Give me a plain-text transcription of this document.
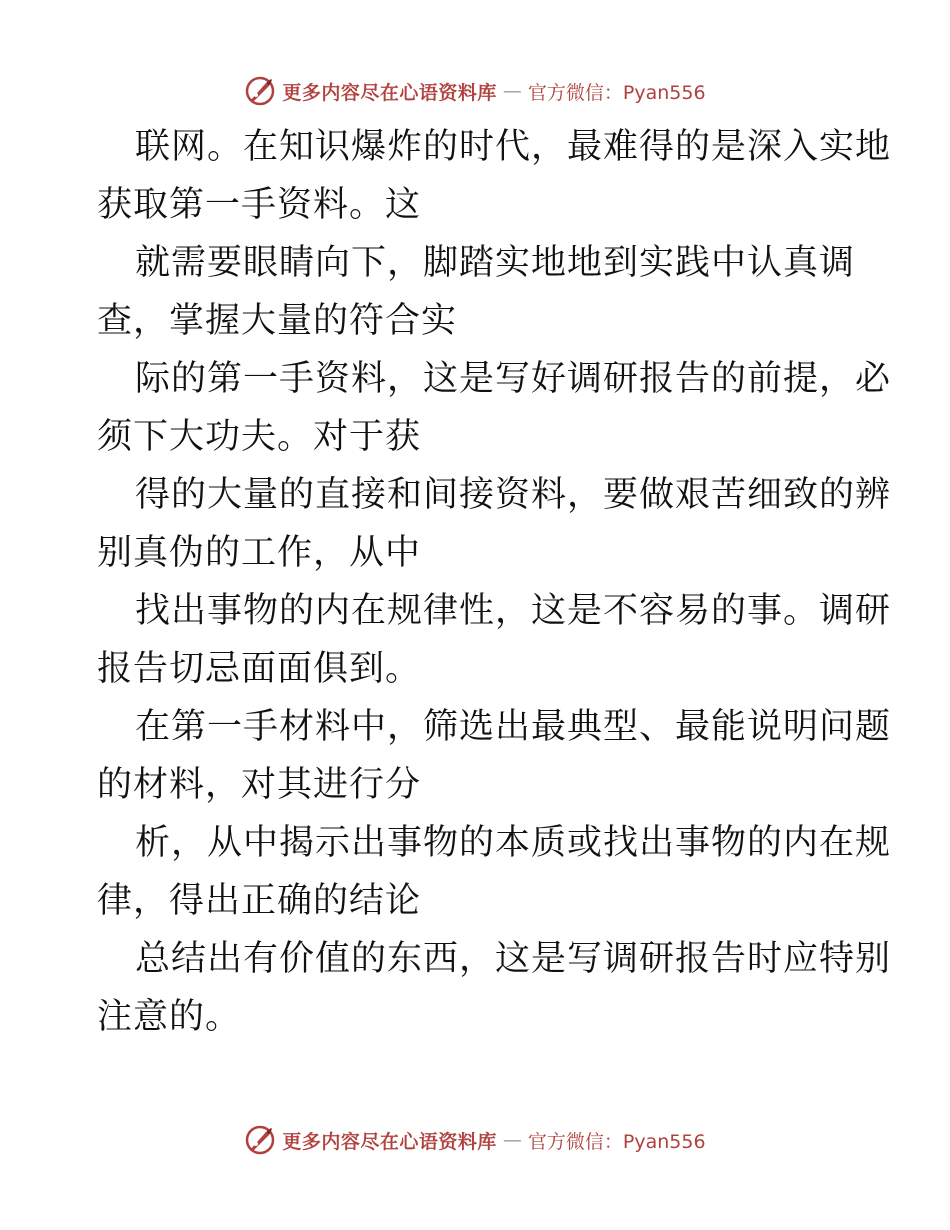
更多内容尽在心语资料库 — 官方微信：Pyan556
联网。在知识爆炸的时代，最难得的是深入实地
获取第一手资料。这
就需要眼睛向下，脚踏实地地到实践中认真调
查，掌握大量的符合实
际的第一手资料，这是写好调研报告的前提，必
须下大功夫。对于获
得的大量的直接和间接资料，要做艰苦细致的辨
别真伪的工作，从中
找出事物的内在规律性，这是不容易的事。调研
报告切忌面面俱到。
在第一手材料中，筛选出最典型、最能说明问题
的材料，对其进行分
析，从中揭示出事物的本质或找出事物的内在规
律，得出正确的结论
总结出有价值的东西，这是写调研报告时应特别
注意的。
更多内容尽在心语资料库 — 官方微信：Pyan556
